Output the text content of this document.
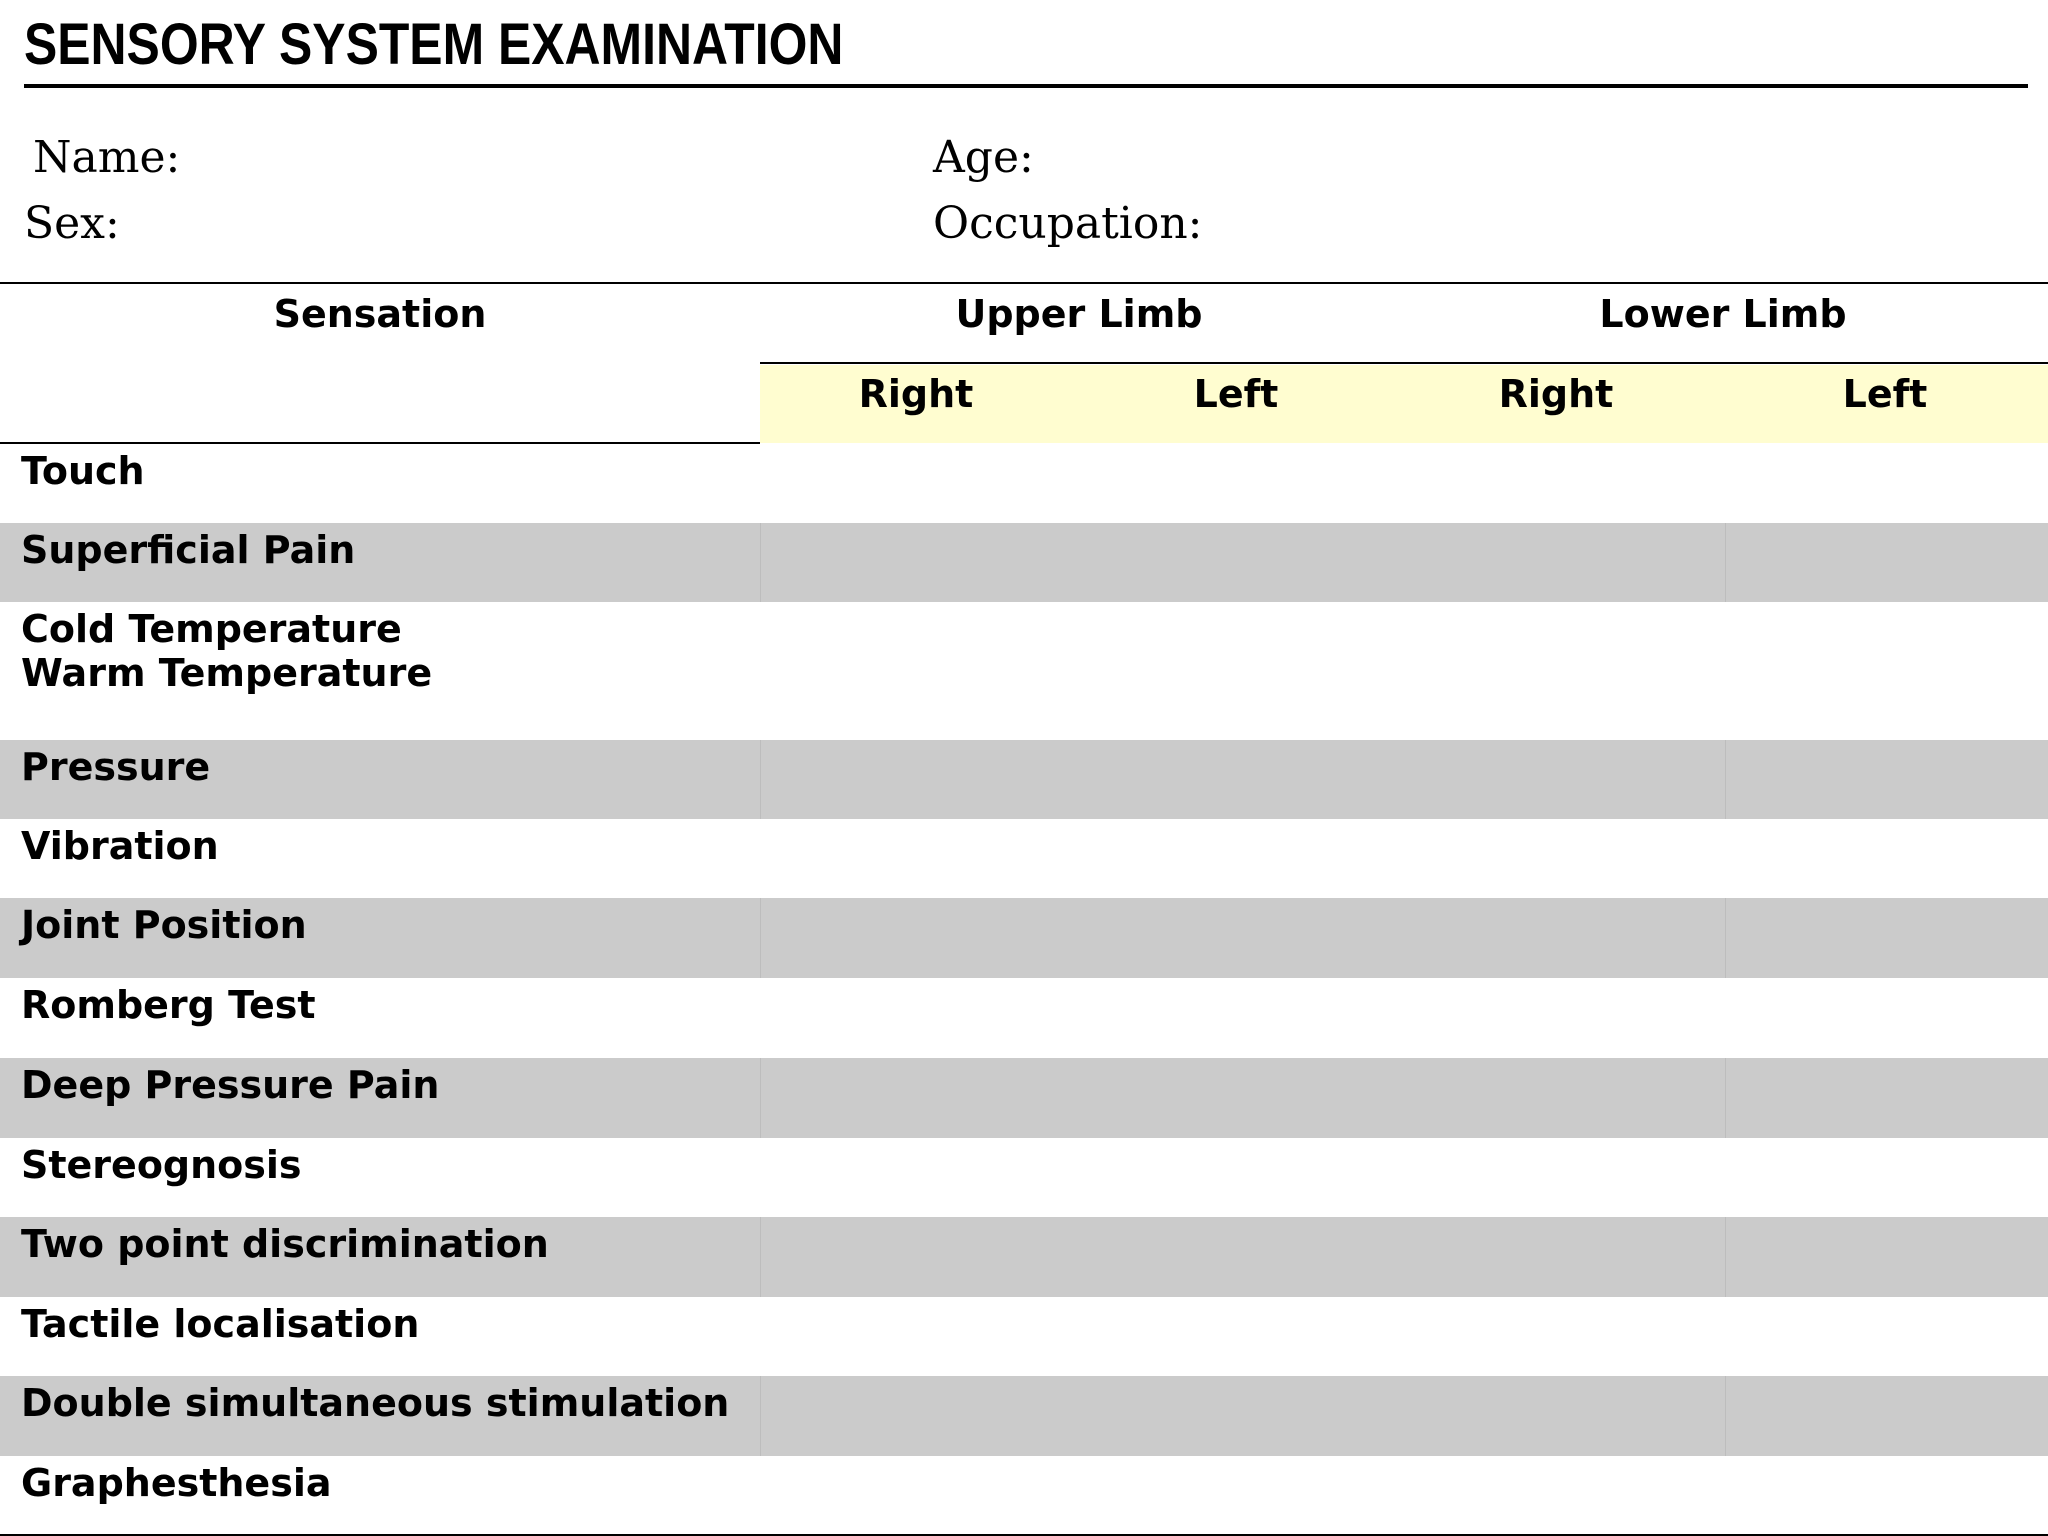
SENSORY SYSTEM EXAMINATION
Name:	Age:
Sex:	Occupation:
Sensation	Upper Limb	Lower Limb
Right	Left	Right	Left
Touch
Superficial Pain
Cold Temperature
Warm Temperature
Pressure
Vibration
Joint Position
Romberg Test
Deep Pressure Pain
Stereognosis
Two point discrimination
Tactile localisation
Double simultaneous stimulation
Graphesthesia
